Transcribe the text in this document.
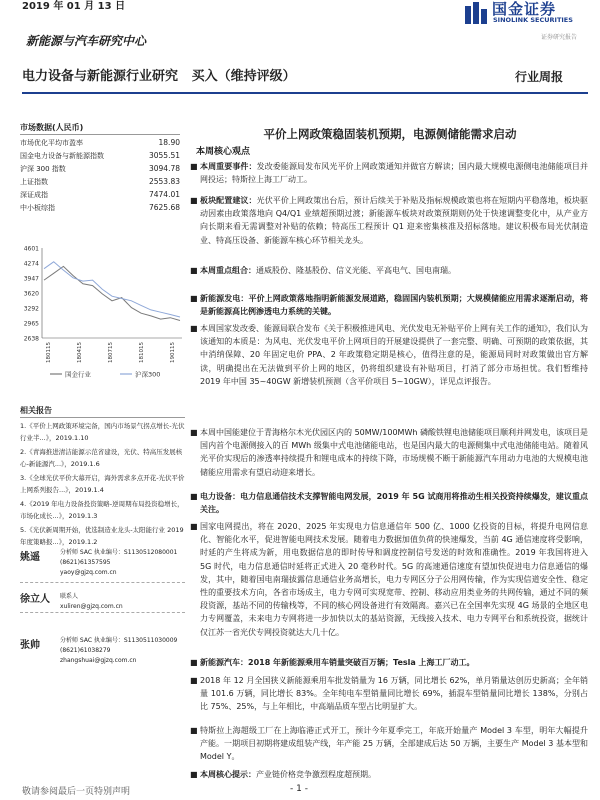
2019 年 01 月 13 日	国金证券
SINOLINK SECURITIES
证券研究报告
新能源与汽车研究中心
电力设备与新能源行业研究   买入（维持评级）	行业周报
市场数据(人民币)
市场优化平均市盈率	18.90
国金电力设备与新能源指数	3055.51
沪深 300 指数	3094.78
上证指数	2553.83
深证成指	7474.01
中小板综指	7625.68
4601
4274
3947
3620
3292
2965
2638
180115	180415	180715	181015	190115
国金行业	沪深300
相关报告
1.《平价上网政策环境完备，国内市场景气拐点增长-光伏行业半...》，2019.1.10
2.《青海推进清洁能源示范省建设，光伏、特高压发展核心-新能源汽...》，2019.1.6
3.《全球光伏平价大幕开启，海外需求多点开花-光伏平价上网系列报告...》，2019.1.4
4.《2019 年电力设备投资策略-逆周期布局投资稳增长，市场化成长...》，2019.1.3
5.《光伏新周期开始，优选制造业龙头-太阳能行业 2019 年度策略报...》，2019.1.2
姚遥	分析师 SAC 执业编号：S1130512080001
(8621)61357595
yaoy@gjzq.com.cn
徐立人 联系人
xuliren@gjzq.com.cn
张帅	分析师 SAC 执业编号：S1130511030009
(8621)61038279
zhangshuai@gjzq.com.cn
平价上网政策稳固装机预期，电源侧储能需求启动
本周核心观点
■ 本周重要事件：发改委能源局发布风光平价上网政策通知并做官方解读；国内最大规模电源侧电池储能项目并网投运；特斯拉上海工厂动工。
■ 板块配置建议：光伏平价上网政策出台后，预计后续关于补贴及指标规模政策也将在短期内平稳落地，板块驱动因素由政策落地向 Q4/Q1 业绩超预期过渡；新能源车板块对政策预期则仍处于快速调整变化中，从产业方向长期来看无需调整对补贴的依赖；特高压工程预计 Q1 迎来密集核准及招标落地。建议积极布局光伏制造业、特高压设备、新能源车核心环节相关龙头。
■ 本周重点组合：通威股份、隆基股份、信义光能、平高电气、国电南瑞。
■ 新能源发电：平价上网政策落地指明新能源发展道路，稳固国内装机预期；大规模储能应用需求逐渐启动，将是新能源高比例渗透电力系统的关键。
■ 本周国家发改委、能源局联合发布《关于积极推进风电、光伏发电无补贴平价上网有关工作的通知》，我们认为该通知的本质是：为风电、光伏发电平价上网项目的开展建设提供了一套完整、明确、可预期的政策依据，其中消纳保障、20 年固定电价 PPA、2 年政策稳定期是核心，值得注意的是，能源局同时对政策做出官方解读，明确提出在无法做到平价上网的地区，仍将组织建设有补贴项目，打消了部分市场担忧。我们暂维持 2019 年中国 35~40GW 新增装机预测（含平价项目 5~10GW），详见点评报告。
■ 本周中国能建位于青海格尔木光伏园区内的 50MW/100MWh 磷酸铁锂电池储能项目顺利并网发电，该项目是国内首个电源侧接入的百 MWh 级集中式电池储能电站，也是国内最大的电源侧集中式电池储能电站。随着风光平价实现后的渗透率持续提升和锂电成本的持续下降，市场规模不断于新能源汽车用动力电池的大规模电池储能应用需求有望启动迎来增长。
■ 电力设备：电力信息通信技术支撑智能电网发展，2019 年 5G 试商用将推动生相关投资持续爆发，建议重点关注。
■ 国家电网提出，将在 2020、2025 年实现电力信息通信年 500 亿、1000 亿投资的目标，将提升电网信息化、智能化水平，促进智能电网技术发展。随着电力数据加值负荷的快速爆发，当前 4G 通信速度将受影响，时延的产生将成为新，用电数据信息的即时传导和调度控制信号发送的时效和准确性。2019 年我国将进入 5G 时代，电力信息通信时延将正式进入 20 毫秒时代。5G 的高速通信速度有望加快促进电力信息通信的爆发，其中，随着国电南瑞拔露信息通信业务高增长，电力专网区分子公用网传输，作为实现信道安全性、稳定性的重要技术方向，各省市场成主，电力专网可实现宽带、控制、移动应用类业务的共网传输，通过不同的频段资源，基站不同的传输栈等，不同的核心网设备进行有效隔离。嘉兴已在全国率先实现 4G 场景的全地区电力专网覆盖，未来电力专网将进一步加快以太的基站资源，无线接入技术、电力专网平台和系统投资，据统计仅江苏一省光伏专网投资就达大几十亿。
■ 新能源汽车：2018 年新能源乘用车销量突破百万辆；Tesla 上海工厂动工。
■ 2018 年 12 月全国狭义新能源乘用车批发销量为 16 万辆，同比增长 62%，单月销量达创历史新高；全年销量 101.6 万辆，同比增长 83%。全年纯电车型销量同比增长 69%，插混车型销量同比增长 138%，分别占比 75%、25%，与上年相比，中高端品质车型占比明显扩大。
■ 特斯拉上海超级工厂在上海临港正式开工，预计今年夏季完工，年底开始量产 Model 3 车型，明年大幅提升产能。一期项目初期将建成组装产线，年产能 25 万辆，全部建成后达 50 万辆，主要生产 Model 3 基本型和 Model Y。
■ 本周核心提示：产业链价格竞争激烈程度超预期。
敬请参阅最后一页特别声明	- 1 -
